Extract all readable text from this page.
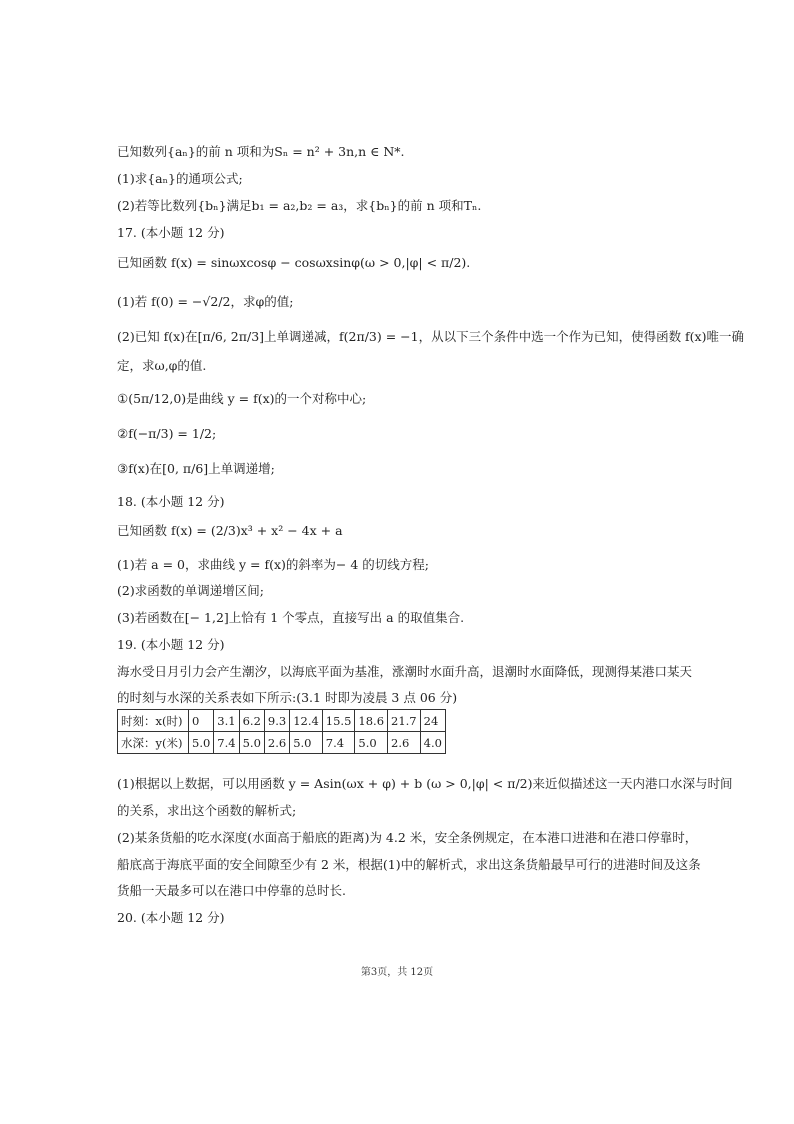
已知数列{aₙ}的前 n 项和为Sₙ = n² + 3n,n ∈ N*.
(1)求{aₙ}的通项公式;
(2)若等比数列{bₙ}满足b₁ = a₂,b₂ = a₃，求{bₙ}的前 n 项和Tₙ.
17. (本小题 12 分)
已知函数 f(x) = sinωxcosφ − cosωxsinφ(ω > 0,|φ| < π/2).
(1)若 f(0) = −√2/2，求φ的值;
(2)已知 f(x)在[π/6, 2π/3]上单调递减，f(2π/3) = −1，从以下三个条件中选一个作为已知，使得函数 f(x)唯一确
定，求ω,φ的值.
①(5π/12,0)是曲线 y = f(x)的一个对称中心;
②f(−π/3) = 1/2;
③f(x)在[0, π/6]上单调递增;
18. (本小题 12 分)
已知函数 f(x) = (2/3)x³ + x² − 4x + a
(1)若 a = 0，求曲线 y = f(x)的斜率为− 4 的切线方程;
(2)求函数的单调递增区间;
(3)若函数在[− 1,2]上恰有 1 个零点，直接写出 a 的取值集合.
19. (本小题 12 分)
海水受日月引力会产生潮汐，以海底平面为基准，涨潮时水面升高，退潮时水面降低，现测得某港口某天
的时刻与水深的关系表如下所示:(3.1 时即为凌晨 3 点 06 分)
时刻：x(时)	0	3.1	6.2	9.3	12.4	15.5	18.6	21.7	24
水深：y(米)	5.0	7.4	5.0	2.6	5.0	7.4	5.0	2.6	4.0
(1)根据以上数据，可以用函数 y = Asin(ωx + φ) + b (ω > 0,|φ| < π/2)来近似描述这一天内港口水深与时间
的关系，求出这个函数的解析式;
(2)某条货船的吃水深度(水面高于船底的距离)为 4.2 米，安全条例规定，在本港口进港和在港口停靠时，
船底高于海底平面的安全间隙至少有 2 米，根据(1)中的解析式，求出这条货船最早可行的进港时间及这条
货船一天最多可以在港口中停靠的总时长.
20. (本小题 12 分)
第3页，共 12页
